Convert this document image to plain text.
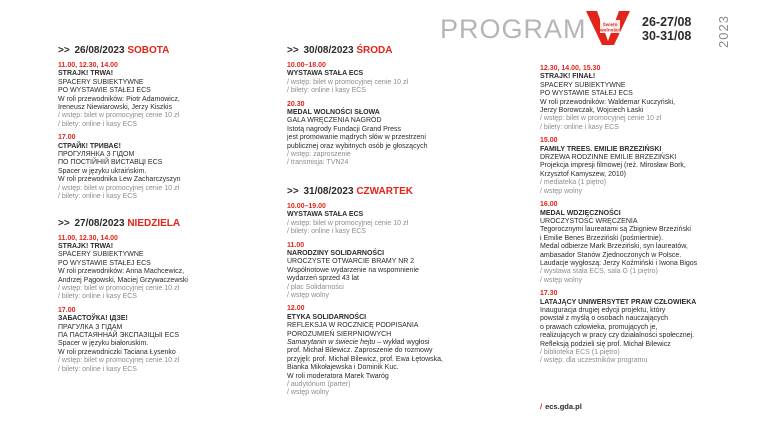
PROGRAM	Święto
wolności
26-27/08
30-31/08 2023
>> 26/08/2023 SOBOTA
11.00, 12.30, 14.00
STRAJK! TRWA!
SPACERY SUBIEKTYWNE
PO WYSTAWIE STAŁEJ ECS
W roli przewodników: Piotr Adamowicz,
Ireneusz Niewiarowski, Jerzy Kiszkis
/ wstęp: bilet w promocyjnej cenie 10 zł
/ bilety: online i kasy ECS
17.00
СТРАЙК! ТРИВАЄ!
ПРОГУЛЯНКА З ГІДОМ
ПО ПОСТІЙНІЙ ВИСТАВЦІ ECS
Spacer w języku ukraińskim.
W roli przewodnika Lew Zacharczyszyn
/ wstęp: bilet w promocyjnej cenie 10 zł
/ bilety: online i kasy ECS
>> 27/08/2023 NIEDZIELA
11.00, 12.30, 14.00
STRAJK! TRWA!
SPACERY SUBIEKTYWNE
PO WYSTAWIE STAŁEJ ECS
W roli przewodników: Anna Machcewicz,
Andrzej Pągowski, Maciej Grzywaczewski
/ wstęp: bilet w promocyjnej cenie 10 zł
/ bilety: online i kasy ECS
17.00
ЗАБАСТОЎКА! ІДЗЕ!
ПРАГУЛКА З ГІДАМ
ПА ПАСТАЯННАЙ ЭКСПАЗІЦЫІ ECS
Spacer w języku białoruskim.
W roli przewodniczki Taciana Łysenko
/ wstęp: bilet w promocyjnej cenie 10 zł
/ bilety: online i kasy ECS
>> 30/08/2023 ŚRODA
10.00–18.00
WYSTAWA STAŁA ECS
/ wstęp: bilet w promocyjnej cenie 10 zł
/ bilety: online i kasy ECS
20.30
MEDAL WOLNOŚCI SŁOWA
GALA WRĘCZENIA NAGRÓD
Istotą nagrody Fundacji Grand Press
jest promowanie mądrych słów w przestrzeni
publicznej oraz wybitnych osób je głoszących
/ wstęp: zaproszenie
/ transmisja: TVN24
>> 31/08/2023 CZWARTEK
10.00–19.00
WYSTAWA STAŁA ECS
/ wstęp: bilet w promocyjnej cenie 10 zł
/ bilety: online i kasy ECS
11.00
NARODZINY SOLIDARNOŚCI
UROCZYSTE OTWARCIE BRAMY NR 2
Współnotowe wydarzenie na wspomnienie
wydarzeń sprzed 43 lat
/ plac Solidarności
/ wstęp wolny
12.00
ETYKA SOLIDARNOŚCI
REFLEKSJA W ROCZNICĘ PODPISANIA
POROZUMIEŃ SIERPNIOWYCH
Samarytanin w świecie hejtu – wykład wygłosi
prof. Michał Bilewicz. Zaproszenie do rozmowy
przyjęli: prof. Michał Bilewicz, prof. Ewa Łętowska,
Bianka Mikołajewska i Dominik Kuc.
W roli moderatora Marek Twaróg
/ audytórium (parter)
/ wstęp wolny
12.30, 14.00, 15.30
STRAJK! FINAŁ!
SPACERY SUBIEKTYWNE
PO WYSTAWIE STAŁEJ ECS
W roli przewodników: Waldemar Kuczyński,
Jerzy Borowczak, Wojciech Łaski
/ wstęp: bilet w promocyjnej cenie 10 zł
/ bilety: online i kasy ECS
15.00
FAMILY TREES. EMILIE BRZEZIŃSKI
DRZEWA RODZINNE EMILIE BRZEZIŃSKI
Projekcja impresji filmowej (reż. Mirosław Bork,
Krzysztof Kamyszew, 2010)
/ mediateka (1 piętro)
/ wstęp wolny
16.00
MEDAL WDZIĘCZNOŚCI
UROCZYSTOŚĆ WRĘCZENIA
Tegorocznymi laureatami są Zbigniew Brzeziński
i Emilie Benes Brzeziński (pośmiertnie).
Medal odbierze Mark Brzeziński, syn laureatów,
ambasador Stanów Zjednoczonych w Polsce.
Laudacje wygłoszą: Jerzy Koźmiński i Iwona Bigos
/ wystawa stała ECS, sala G (1 piętro)
/ wstęp wolny
17.30
LATAJĄCY UNIWERSYTET PRAW CZŁOWIEKA
Inauguracja drugiej edycji projektu, który
powstał z myślą o osobach nauczających
o prawach człowieka, promujących je,
realizujących w pracy czy działalności społecznej.
Refleksją podzieli się prof. Michał Bilewicz
/ biblioteka ECS (1 piętro)
/ wstęp: dla uczestników programu
/ ecs.gda.pl
